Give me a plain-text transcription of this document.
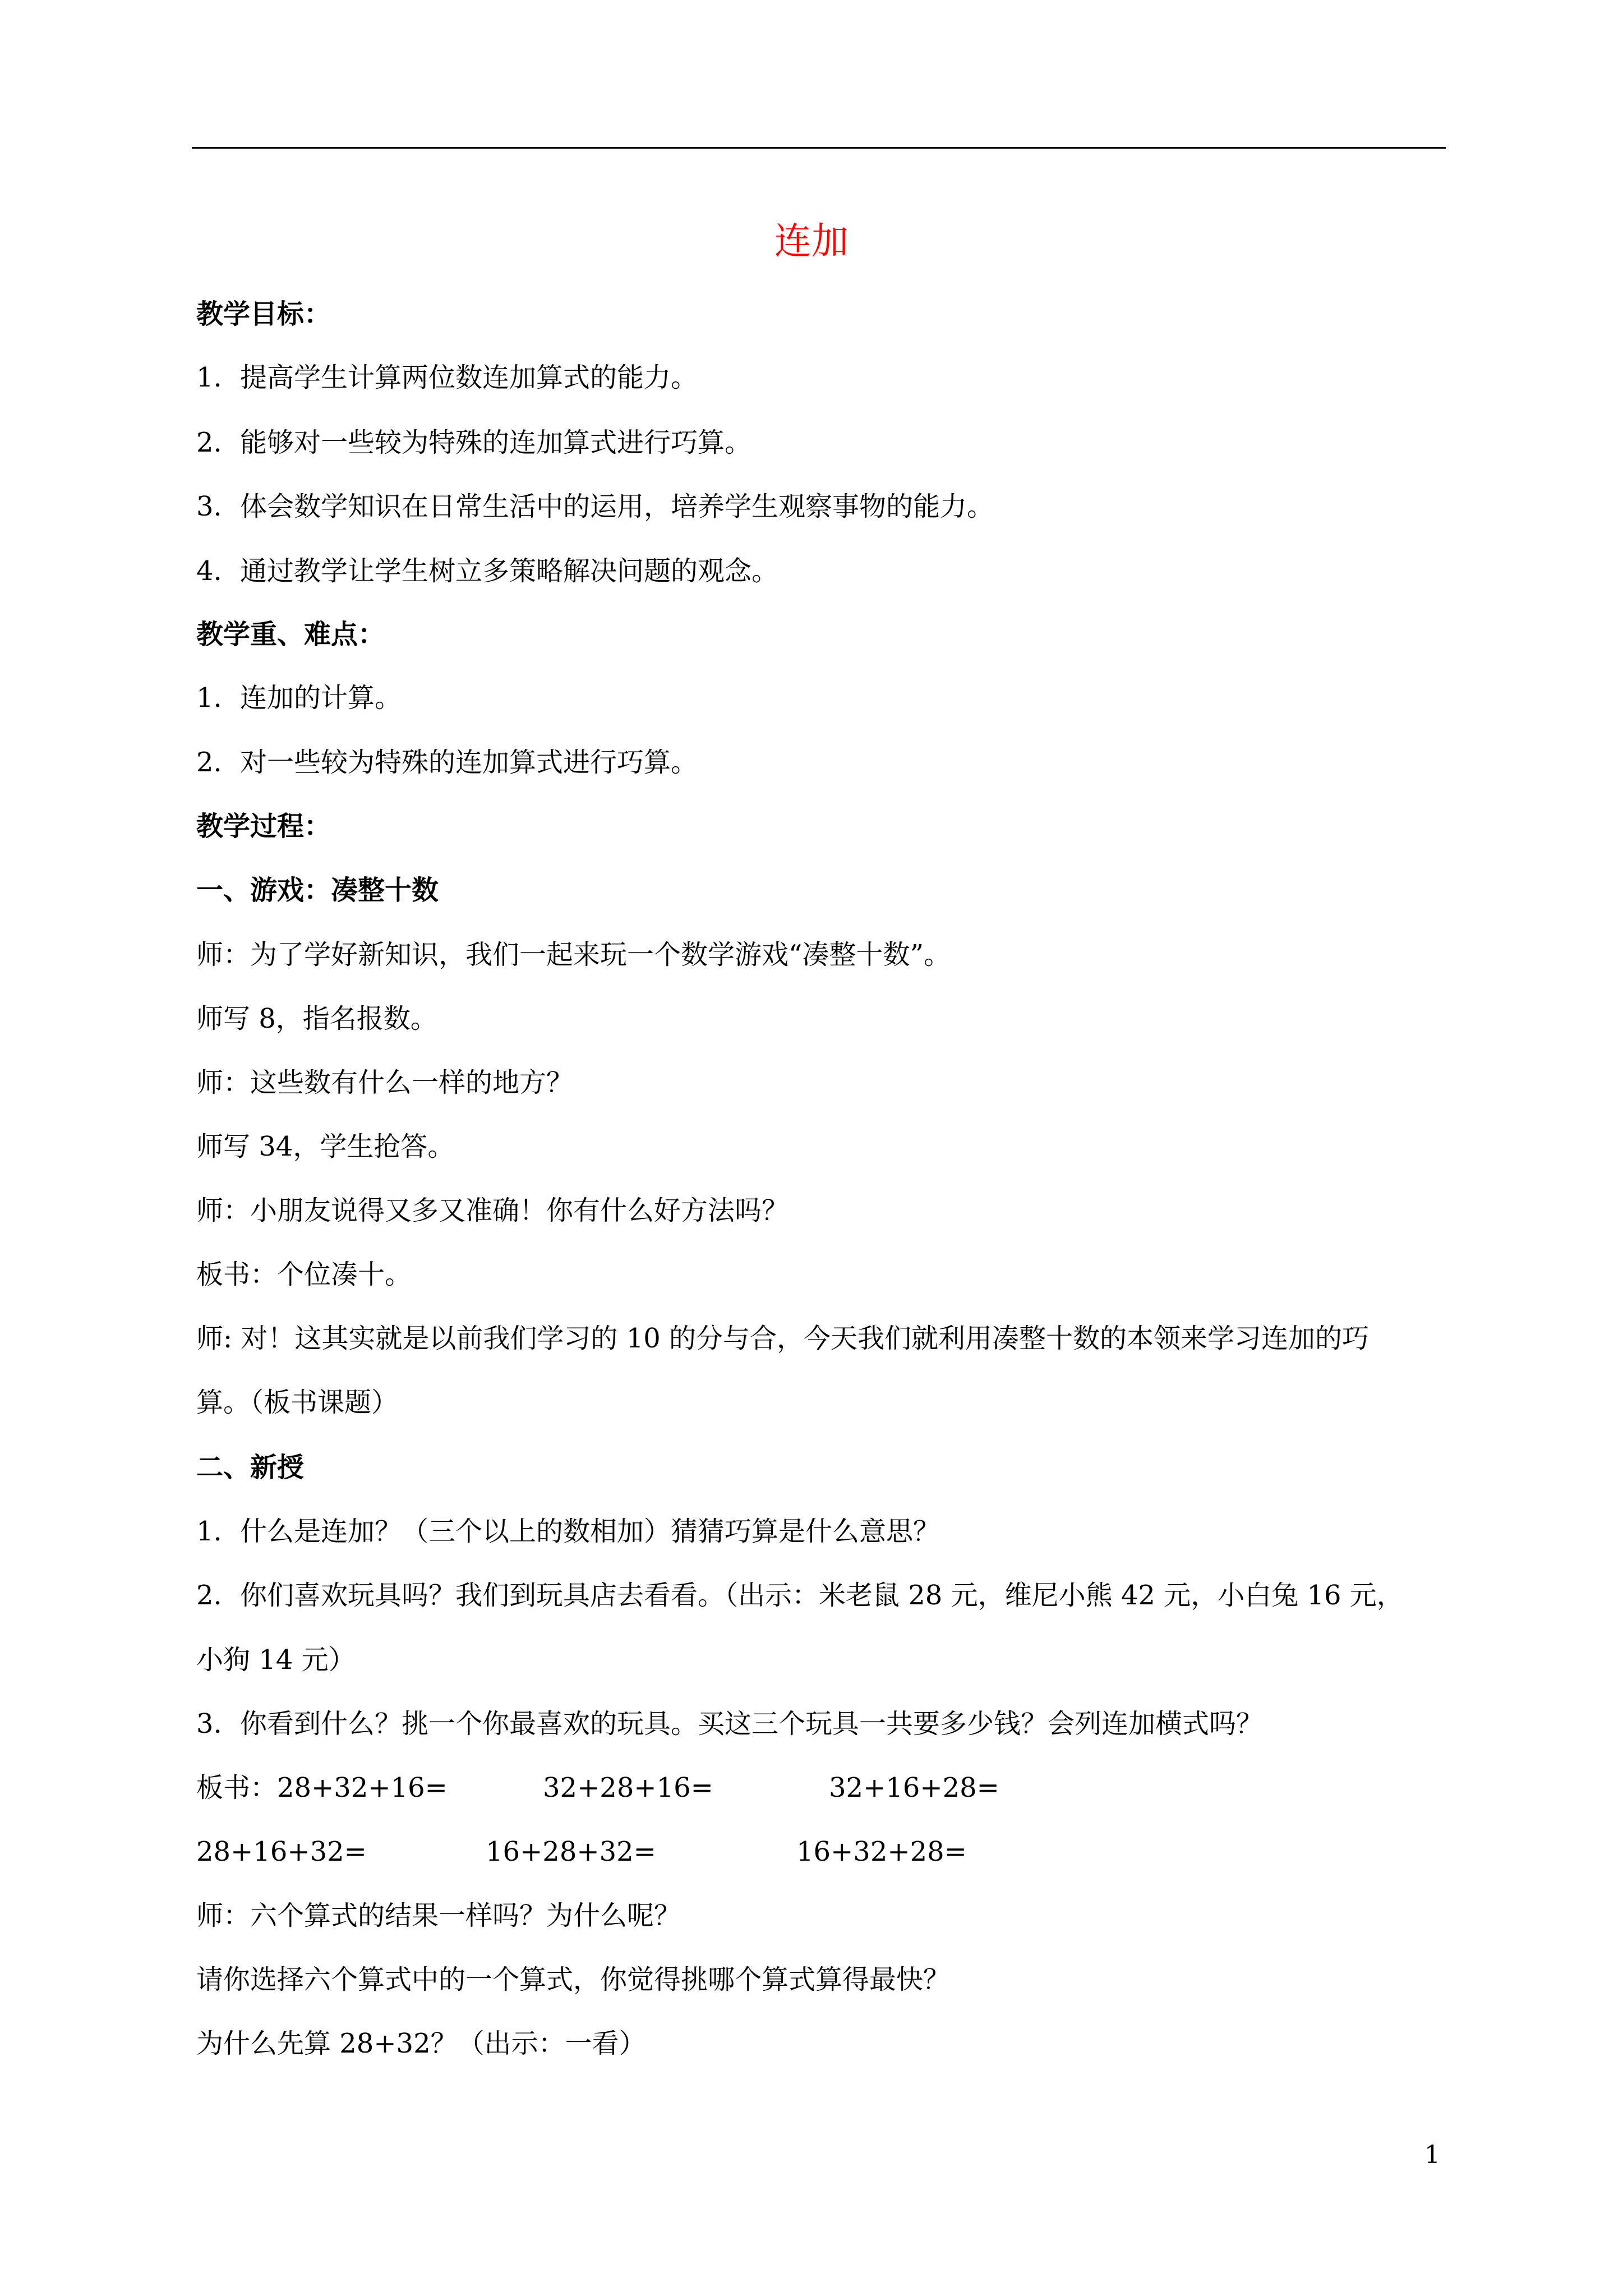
连加
教学目标：
1. 提高学生计算两位数连加算式的能力。
2. 能够对一些较为特殊的连加算式进行巧算。
3. 体会数学知识在日常生活中的运用，培养学生观察事物的能力。
4. 通过教学让学生树立多策略解决问题的观念。
教学重、难点：
1. 连加的计算。
2. 对一些较为特殊的连加算式进行巧算。
教学过程：
一、游戏：凑整十数
师：为了学好新知识，我们一起来玩一个数学游戏“凑整十数”。
师写 8，指名报数。
师：这些数有什么一样的地方？
师写 34，学生抢答。
师：小朋友说得又多又准确！你有什么好方法吗？
板书：个位凑十。
师: 对！这其实就是以前我们学习的 10 的分与合，今天我们就利用凑整十数的本领来学习连加的巧
算。（板书课题）
二、新授
1. 什么是连加？（三个以上的数相加）猜猜巧算是什么意思？
2. 你们喜欢玩具吗？我们到玩具店去看看。（出示：米老鼠 28 元，维尼小熊 42 元，小白兔 16 元，
小狗 14 元）
3. 你看到什么？挑一个你最喜欢的玩具。买这三个玩具一共要多少钱？会列连加横式吗？
板书： 28+32+16=	32+28+16=	32+16+28=
28+16+32=	16+28+32=	16+32+28=
师：六个算式的结果一样吗？为什么呢？
请你选择六个算式中的一个算式，你觉得挑哪个算式算得最快？
为什么先算 28+32？（出示：一看）
1
